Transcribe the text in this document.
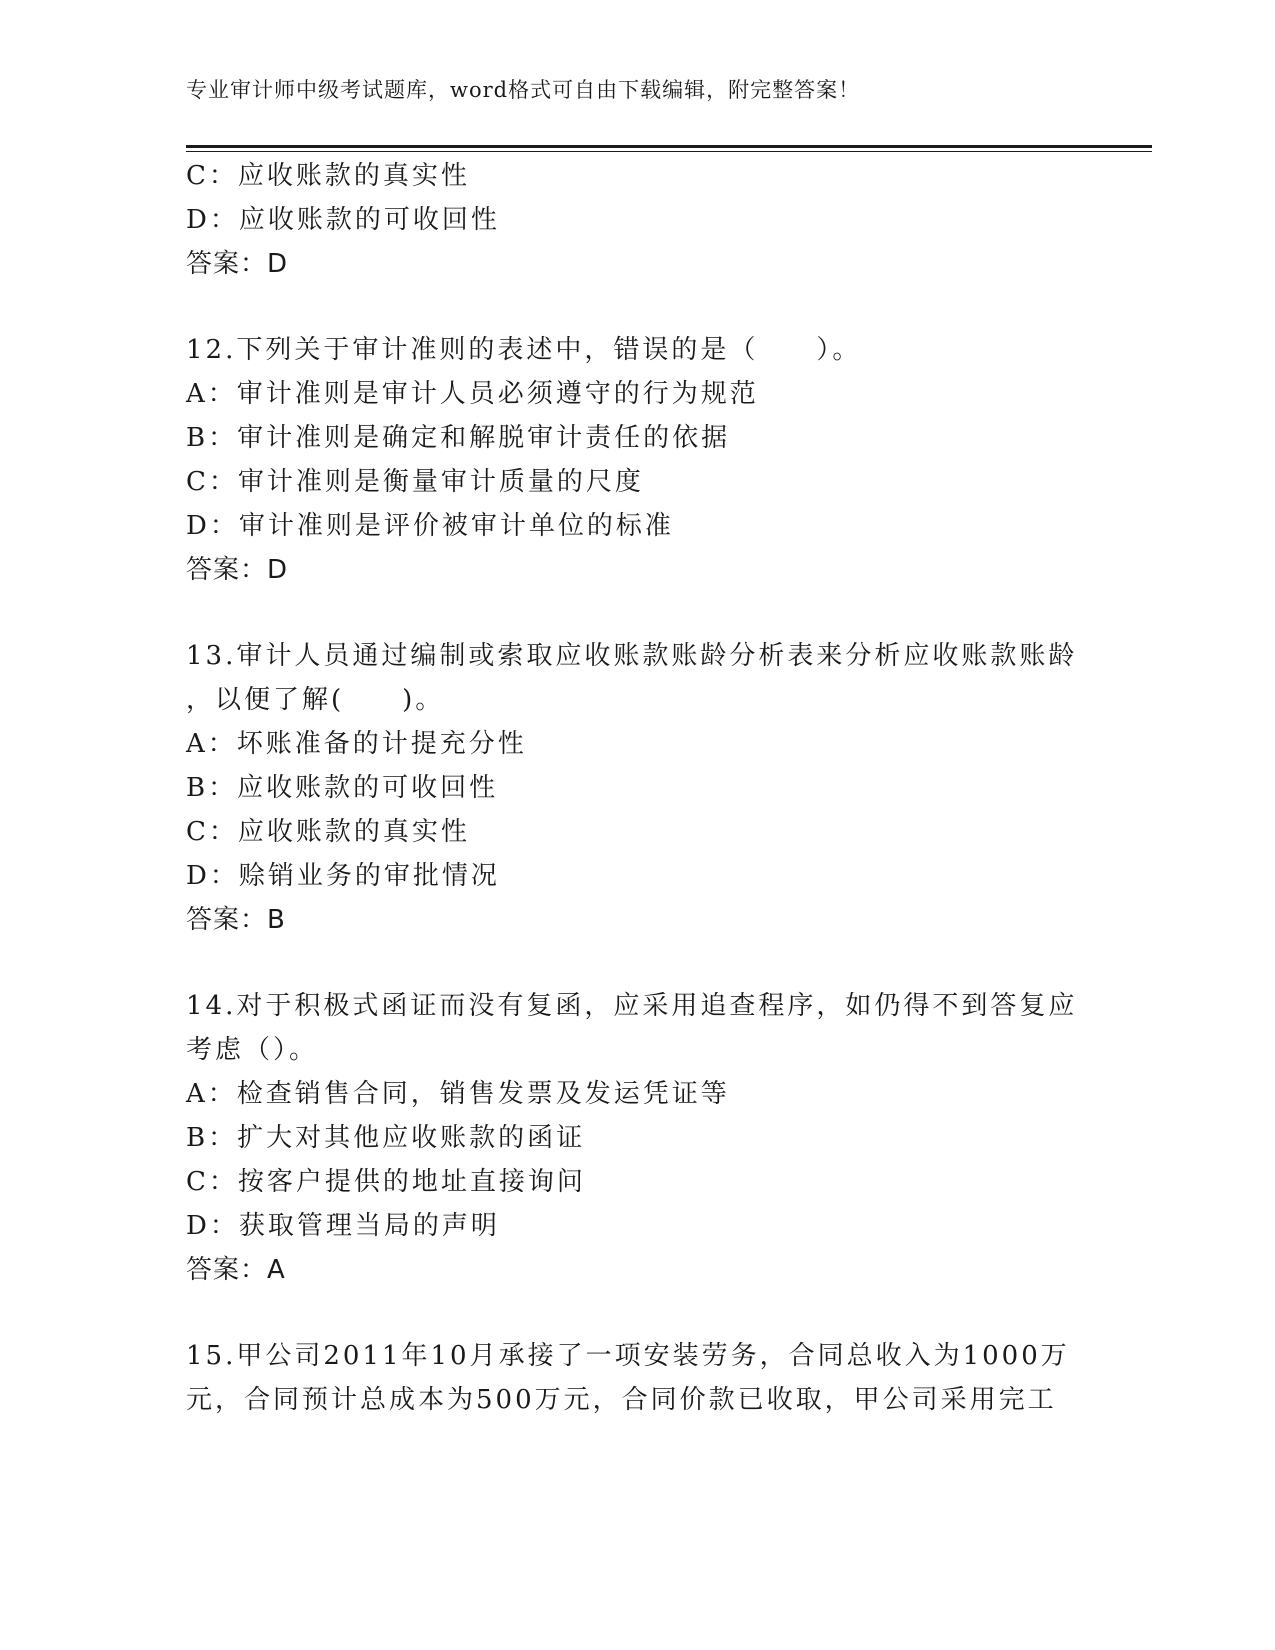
专业审计师中级考试题库，word格式可自由下载编辑，附完整答案！
C：应收账款的真实性
D：应收账款的可收回性
答案：D
12.下列关于审计准则的表述中，错误的是（　　）。
A：审计准则是审计人员必须遵守的行为规范
B：审计准则是确定和解脱审计责任的依据
C：审计准则是衡量审计质量的尺度
D：审计准则是评价被审计单位的标准
答案：D
13.审计人员通过编制或索取应收账款账龄分析表来分析应收账款账龄
，以便了解(　　)。
A：坏账准备的计提充分性
B：应收账款的可收回性
C：应收账款的真实性
D：赊销业务的审批情况
答案：B
14.对于积极式函证而没有复函，应采用追查程序，如仍得不到答复应
考虑（）。
A：检查销售合同，销售发票及发运凭证等
B：扩大对其他应收账款的函证
C：按客户提供的地址直接询问
D：获取管理当局的声明
答案：A
15.甲公司2011年10月承接了一项安装劳务，合同总收入为1000万
元，合同预计总成本为500万元，合同价款已收取，甲公司采用完工
